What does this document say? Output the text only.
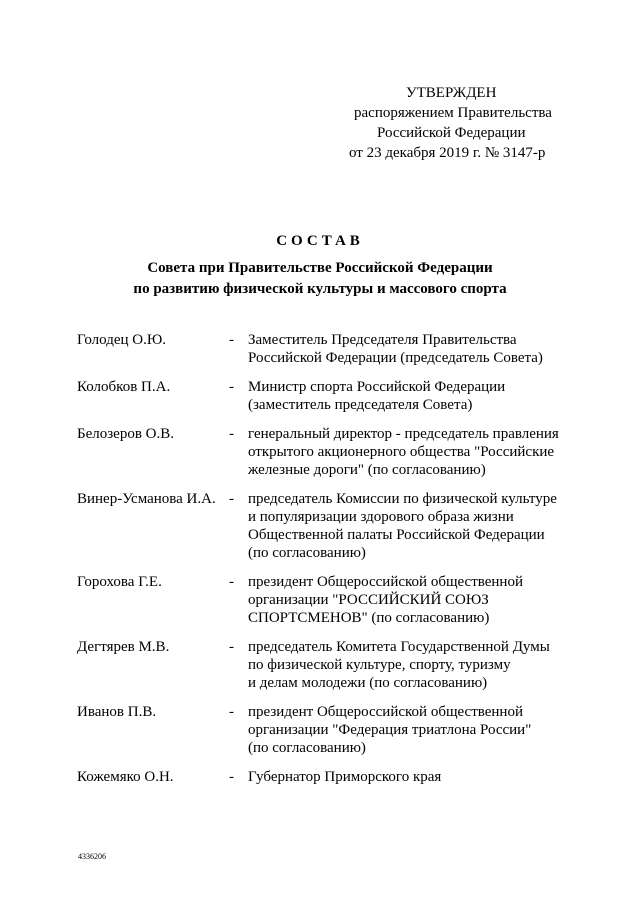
УТВЕРЖДЕН
распоряжением Правительства
Российской Федерации
от 23 декабря 2019 г. № 3147-р
СОСТАВ
Совета при Правительстве Российской Федерации
по развитию физической культуры и массового спорта
Голодец О.Ю.	- Заместитель Председателя Правительства
Российской Федерации (председатель Совета)
Колобков П.А.	- Министр спорта Российской Федерации
(заместитель председателя Совета)
Белозеров О.В.	- генеральный директор - председатель правления
открытого акционерного общества "Российские
железные дороги" (по согласованию)
Винер-Усманова И.А. - председатель Комиссии по физической культуре
и популяризации здорового образа жизни
Общественной палаты Российской Федерации
(по согласованию)
Горохова Г.Е.	- президент Общероссийской общественной
организации "РОССИЙСКИЙ СОЮЗ
СПОРТСМЕНОВ" (по согласованию)
Дегтярев М.В.	- председатель Комитета Государственной Думы
по физической культуре, спорту, туризму
и делам молодежи (по согласованию)
Иванов П.В.	- президент Общероссийской общественной
организации "Федерация триатлона России"
(по согласованию)
Кожемяко О.Н.	- Губернатор Приморского края
4336206
